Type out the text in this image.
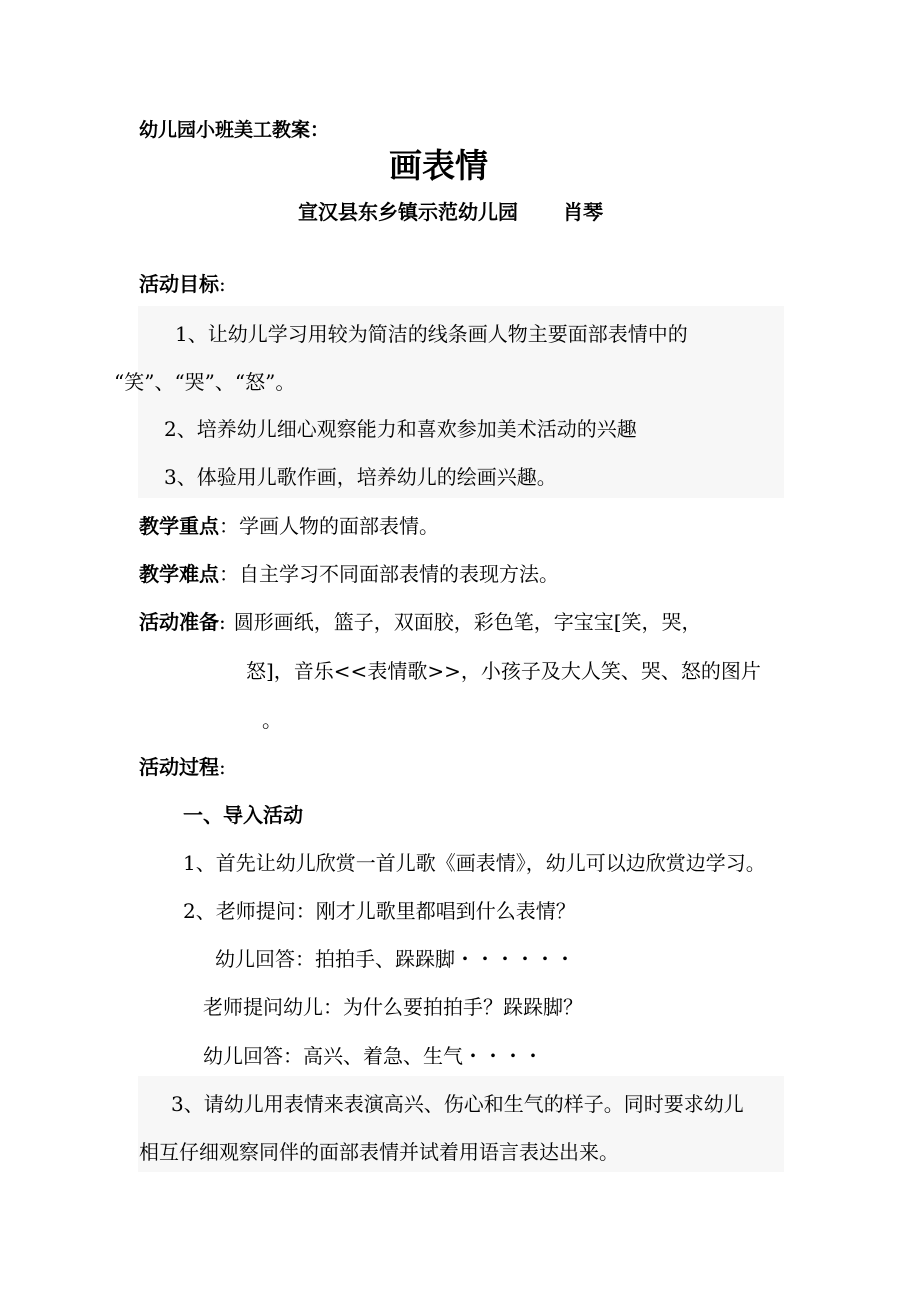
幼儿园小班美工教案：
画表情
宣汉县东乡镇示范幼儿园 肖琴
活动目标:
1、让幼儿学习用较为简洁的线条画人物主要面部表情中的
“笑”、“哭”、“怒”。
2、培养幼儿细心观察能力和喜欢参加美术活动的兴趣
3、体验用儿歌作画，培养幼儿的绘画兴趣。
教学重点：学画人物的面部表情。
教学难点：自主学习不同面部表情的表现方法。
活动准备: 圆形画纸，篮子，双面胶，彩色笔，字宝宝[笑，哭，
怒]，音乐<<表情歌>>，小孩子及大人笑、哭、怒的图片
。
活动过程:
一、导入活动
1、首先让幼儿欣赏一首儿歌《画表情》，幼儿可以边欣赏边学习。
2、老师提问：刚才儿歌里都唱到什么表情？
幼儿回答：拍拍手、跺跺脚・・・・・・
老师提问幼儿：为什么要拍拍手？跺跺脚？
幼儿回答：高兴、着急、生气・・・・
3、请幼儿用表情来表演高兴、伤心和生气的样子。同时要求幼儿
相互仔细观察同伴的面部表情并试着用语言表达出来。
